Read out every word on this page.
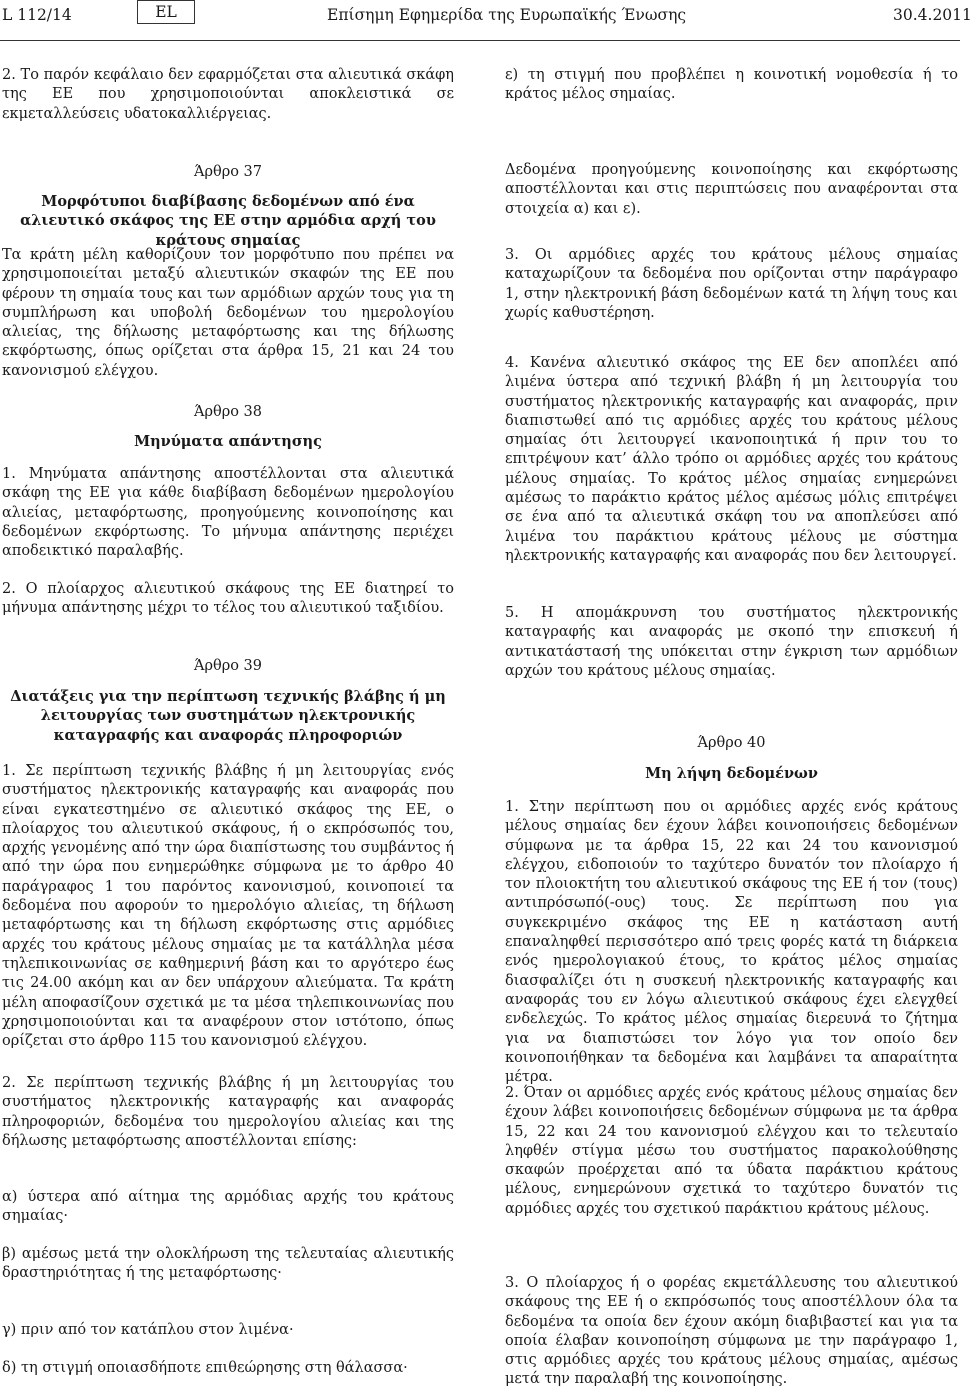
L 112/14	EL	Επίσημη Εφημερίδα της Ευρωπαϊκής Ένωσης	30.4.2011

2. Το παρόν κεφάλαιο δεν εφαρμόζεται στα αλιευτικά σκάφη της ΕΕ που χρησιμοποιούνται αποκλειστικά σε εκμεταλλεύσεις υδατοκαλλιέργειας.

Άρθρο 37

Μορφότυποι διαβίβασης δεδομένων από ένα αλιευτικό σκάφος της ΕΕ στην αρμόδια αρχή του κράτους σημαίας

Τα κράτη μέλη καθορίζουν τον μορφότυπο που πρέπει να χρησιμοποιείται μεταξύ αλιευτικών σκαφών της ΕΕ που φέρουν τη σημαία τους και των αρμόδιων αρχών τους για τη συμπλήρωση και υποβολή δεδομένων του ημερολογίου αλιείας, της δήλωσης μεταφόρτωσης και της δήλωσης εκφόρτωσης, όπως ορίζεται στα άρθρα 15, 21 και 24 του κανονισμού ελέγχου.

Άρθρο 38

Μηνύματα απάντησης

1. Μηνύματα απάντησης αποστέλλονται στα αλιευτικά σκάφη της ΕΕ για κάθε διαβίβαση δεδομένων ημερολογίου αλιείας, μεταφόρτωσης, προηγούμενης κοινοποίησης και δεδομένων εκφόρτωσης. Το μήνυμα απάντησης περιέχει αποδεικτικό παραλαβής.

2. Ο πλοίαρχος αλιευτικού σκάφους της ΕΕ διατηρεί το μήνυμα απάντησης μέχρι το τέλος του αλιευτικού ταξιδίου.

Άρθρο 39

Διατάξεις για την περίπτωση τεχνικής βλάβης ή μη λειτουργίας των συστημάτων ηλεκτρονικής καταγραφής και αναφοράς πληροφοριών

1. Σε περίπτωση τεχνικής βλάβης ή μη λειτουργίας ενός συστήματος ηλεκτρονικής καταγραφής και αναφοράς που είναι εγκατεστημένο σε αλιευτικό σκάφος της ΕΕ, ο πλοίαρχος του αλιευτικού σκάφους, ή ο εκπρόσωπός του, αρχής γενομένης από την ώρα διαπίστωσης του συμβάντος ή από την ώρα που ενημερώθηκε σύμφωνα με το άρθρο 40 παράγραφος 1 του παρόντος κανονισμού, κοινοποιεί τα δεδομένα που αφορούν το ημερολόγιο αλιείας, τη δήλωση μεταφόρτωσης και τη δήλωση εκφόρτωσης στις αρμόδιες αρχές του κράτους μέλους σημαίας με τα κατάλληλα μέσα τηλεπικοινωνίας σε καθημερινή βάση και το αργότερο έως τις 24.00 ακόμη και αν δεν υπάρχουν αλιεύματα. Τα κράτη μέλη αποφασίζουν σχετικά με τα μέσα τηλεπικοινωνίας που χρησιμοποιούνται και τα αναφέρουν στον ιστότοπο, όπως ορίζεται στο άρθρο 115 του κανονισμού ελέγχου.

2. Σε περίπτωση τεχνικής βλάβης ή μη λειτουργίας του συστήματος ηλεκτρονικής καταγραφής και αναφοράς πληροφοριών, δεδομένα του ημερολογίου αλιείας και της δήλωσης μεταφόρτωσης αποστέλλονται επίσης:

α) ύστερα από αίτημα της αρμόδιας αρχής του κράτους σημαίας·

β) αμέσως μετά την ολοκλήρωση της τελευταίας αλιευτικής δραστηριότητας ή της μεταφόρτωσης·

γ) πριν από τον κατάπλου στον λιμένα·

δ) τη στιγμή οποιασδήποτε επιθεώρησης στη θάλασσα·

ε) τη στιγμή που προβλέπει η κοινοτική νομοθεσία ή το κράτος μέλος σημαίας.

Δεδομένα προηγούμενης κοινοποίησης και εκφόρτωσης αποστέλλονται και στις περιπτώσεις που αναφέρονται στα στοιχεία α) και ε).

3. Οι αρμόδιες αρχές του κράτους μέλους σημαίας καταχωρίζουν τα δεδομένα που ορίζονται στην παράγραφο 1, στην ηλεκτρονική βάση δεδομένων κατά τη λήψη τους και χωρίς καθυστέρηση.

4. Κανένα αλιευτικό σκάφος της ΕΕ δεν αποπλέει από λιμένα ύστερα από τεχνική βλάβη ή μη λειτουργία του συστήματος ηλεκτρονικής καταγραφής και αναφοράς, πριν διαπιστωθεί από τις αρμόδιες αρχές του κράτους μέλους σημαίας ότι λειτουργεί ικανοποιητικά ή πριν του το επιτρέψουν κατ’ άλλο τρόπο οι αρμόδιες αρχές του κράτους μέλους σημαίας. Το κράτος μέλος σημαίας ενημερώνει αμέσως το παράκτιο κράτος μέλος αμέσως μόλις επιτρέψει σε ένα από τα αλιευτικά σκάφη του να αποπλεύσει από λιμένα του παράκτιου κράτους μέλους με σύστημα ηλεκτρονικής καταγραφής και αναφοράς που δεν λειτουργεί.

5. Η απομάκρυνση του συστήματος ηλεκτρονικής καταγραφής και αναφοράς με σκοπό την επισκευή ή αντικατάστασή της υπόκειται στην έγκριση των αρμόδιων αρχών του κράτους μέλους σημαίας.

Άρθρο 40

Μη λήψη δεδομένων

1. Στην περίπτωση που οι αρμόδιες αρχές ενός κράτους μέλους σημαίας δεν έχουν λάβει κοινοποιήσεις δεδομένων σύμφωνα με τα άρθρα 15, 22 και 24 του κανονισμού ελέγχου, ειδοποιούν το ταχύτερο δυνατόν τον πλοίαρχο ή τον πλοιοκτήτη του αλιευτικού σκάφους της ΕΕ ή τον (τους) αντιπρόσωπό(-ους) τους. Σε περίπτωση που για συγκεκριμένο σκάφος της ΕΕ η κατάσταση αυτή επαναληφθεί περισσότερο από τρεις φορές κατά τη διάρκεια ενός ημερολογιακού έτους, το κράτος μέλος σημαίας διασφαλίζει ότι η συσκευή ηλεκτρονικής καταγραφής και αναφοράς του εν λόγω αλιευτικού σκάφους έχει ελεγχθεί ενδελεχώς. Το κράτος μέλος σημαίας διερευνά το ζήτημα για να διαπιστώσει τον λόγο για τον οποίο δεν κοινοποιήθηκαν τα δεδομένα και λαμβάνει τα απαραίτητα μέτρα.

2. Όταν οι αρμόδιες αρχές ενός κράτους μέλους σημαίας δεν έχουν λάβει κοινοποιήσεις δεδομένων σύμφωνα με τα άρθρα 15, 22 και 24 του κανονισμού ελέγχου και το τελευταίο ληφθέν στίγμα μέσω του συστήματος παρακολούθησης σκαφών προέρχεται από τα ύδατα παράκτιου κράτους μέλους, ενημερώνουν σχετικά το ταχύτερο δυνατόν τις αρμόδιες αρχές του σχετικού παράκτιου κράτους μέλους.

3. Ο πλοίαρχος ή ο φορέας εκμετάλλευσης του αλιευτικού σκάφους της ΕΕ ή ο εκπρόσωπός τους αποστέλλουν όλα τα δεδομένα τα οποία δεν έχουν ακόμη διαβιβαστεί και για τα οποία έλαβαν κοινοποίηση σύμφωνα με την παράγραφο 1, στις αρμόδιες αρχές του κράτους μέλους σημαίας, αμέσως μετά την παραλαβή της κοινοποίησης.
